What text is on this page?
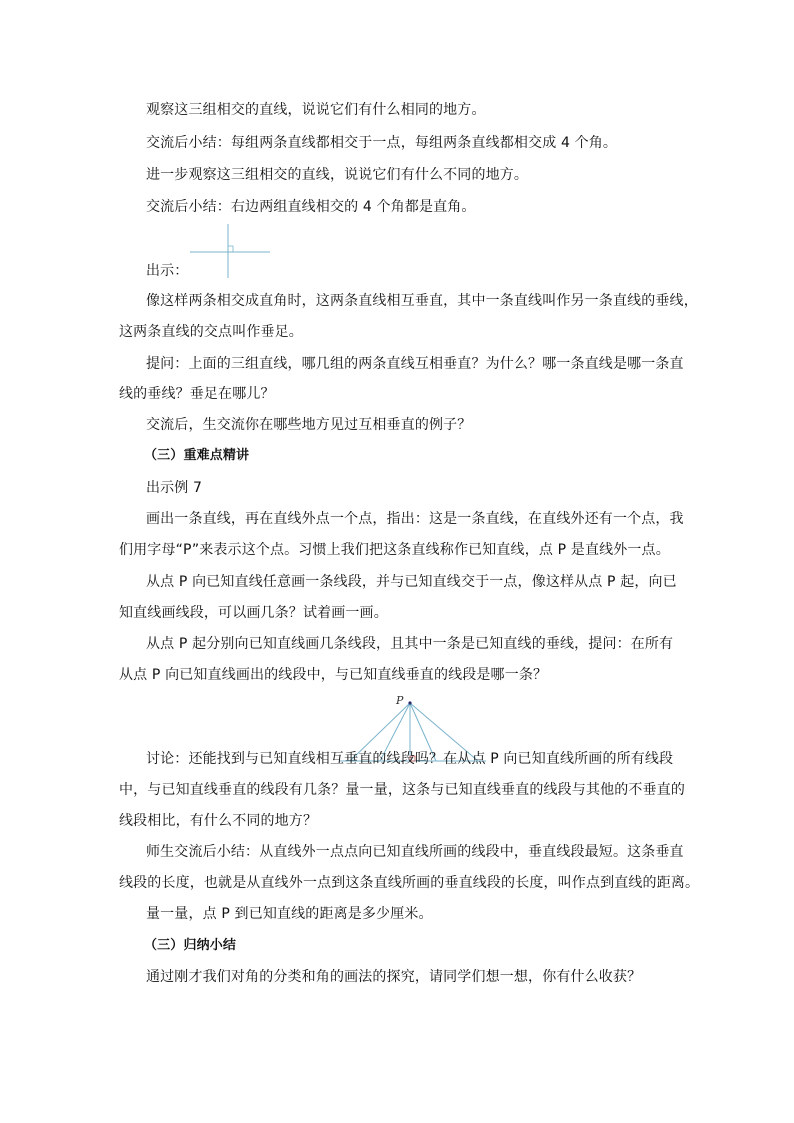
观察这三组相交的直线，说说它们有什么相同的地方。
交流后小结：每组两条直线都相交于一点，每组两条直线都相交成 4 个角。
进一步观察这三组相交的直线，说说它们有什么不同的地方。
交流后小结：右边两组直线相交的 4 个角都是直角。
出示：
像这样两条相交成直角时，这两条直线相互垂直，其中一条直线叫作另一条直线的垂线，
这两条直线的交点叫作垂足。
提问：上面的三组直线，哪几组的两条直线互相垂直？为什么？哪一条直线是哪一条直
线的垂线？垂足在哪儿？
交流后，生交流你在哪些地方见过互相垂直的例子？
（三）重难点精讲
出示例 7
画出一条直线，再在直线外点一个点，指出：这是一条直线，在直线外还有一个点，我
们用字母“P”来表示这个点。习惯上我们把这条直线称作已知直线，点 P 是直线外一点。
从点 P 向已知直线任意画一条线段，并与已知直线交于一点，像这样从点 P 起，向已
知直线画线段，可以画几条？试着画一画。
从点 P 起分别向已知直线画几条线段，且其中一条是已知直线的垂线，提问：在所有
从点 P 向已知直线画出的线段中，与已知直线垂直的线段是哪一条？
P
讨论：还能找到与已知直线相互垂直的线段吗？在从点 P 向已知直线所画的所有线段
中，与已知直线垂直的线段有几条？量一量，这条与已知直线垂直的线段与其他的不垂直的
线段相比，有什么不同的地方？
师生交流后小结：从直线外一点点向已知直线所画的线段中，垂直线段最短。这条垂直
线段的长度，也就是从直线外一点到这条直线所画的垂直线段的长度，叫作点到直线的距离。
量一量，点 P 到已知直线的距离是多少厘米。
（三）归纳小结
通过刚才我们对角的分类和角的画法的探究，请同学们想一想，你有什么收获？
